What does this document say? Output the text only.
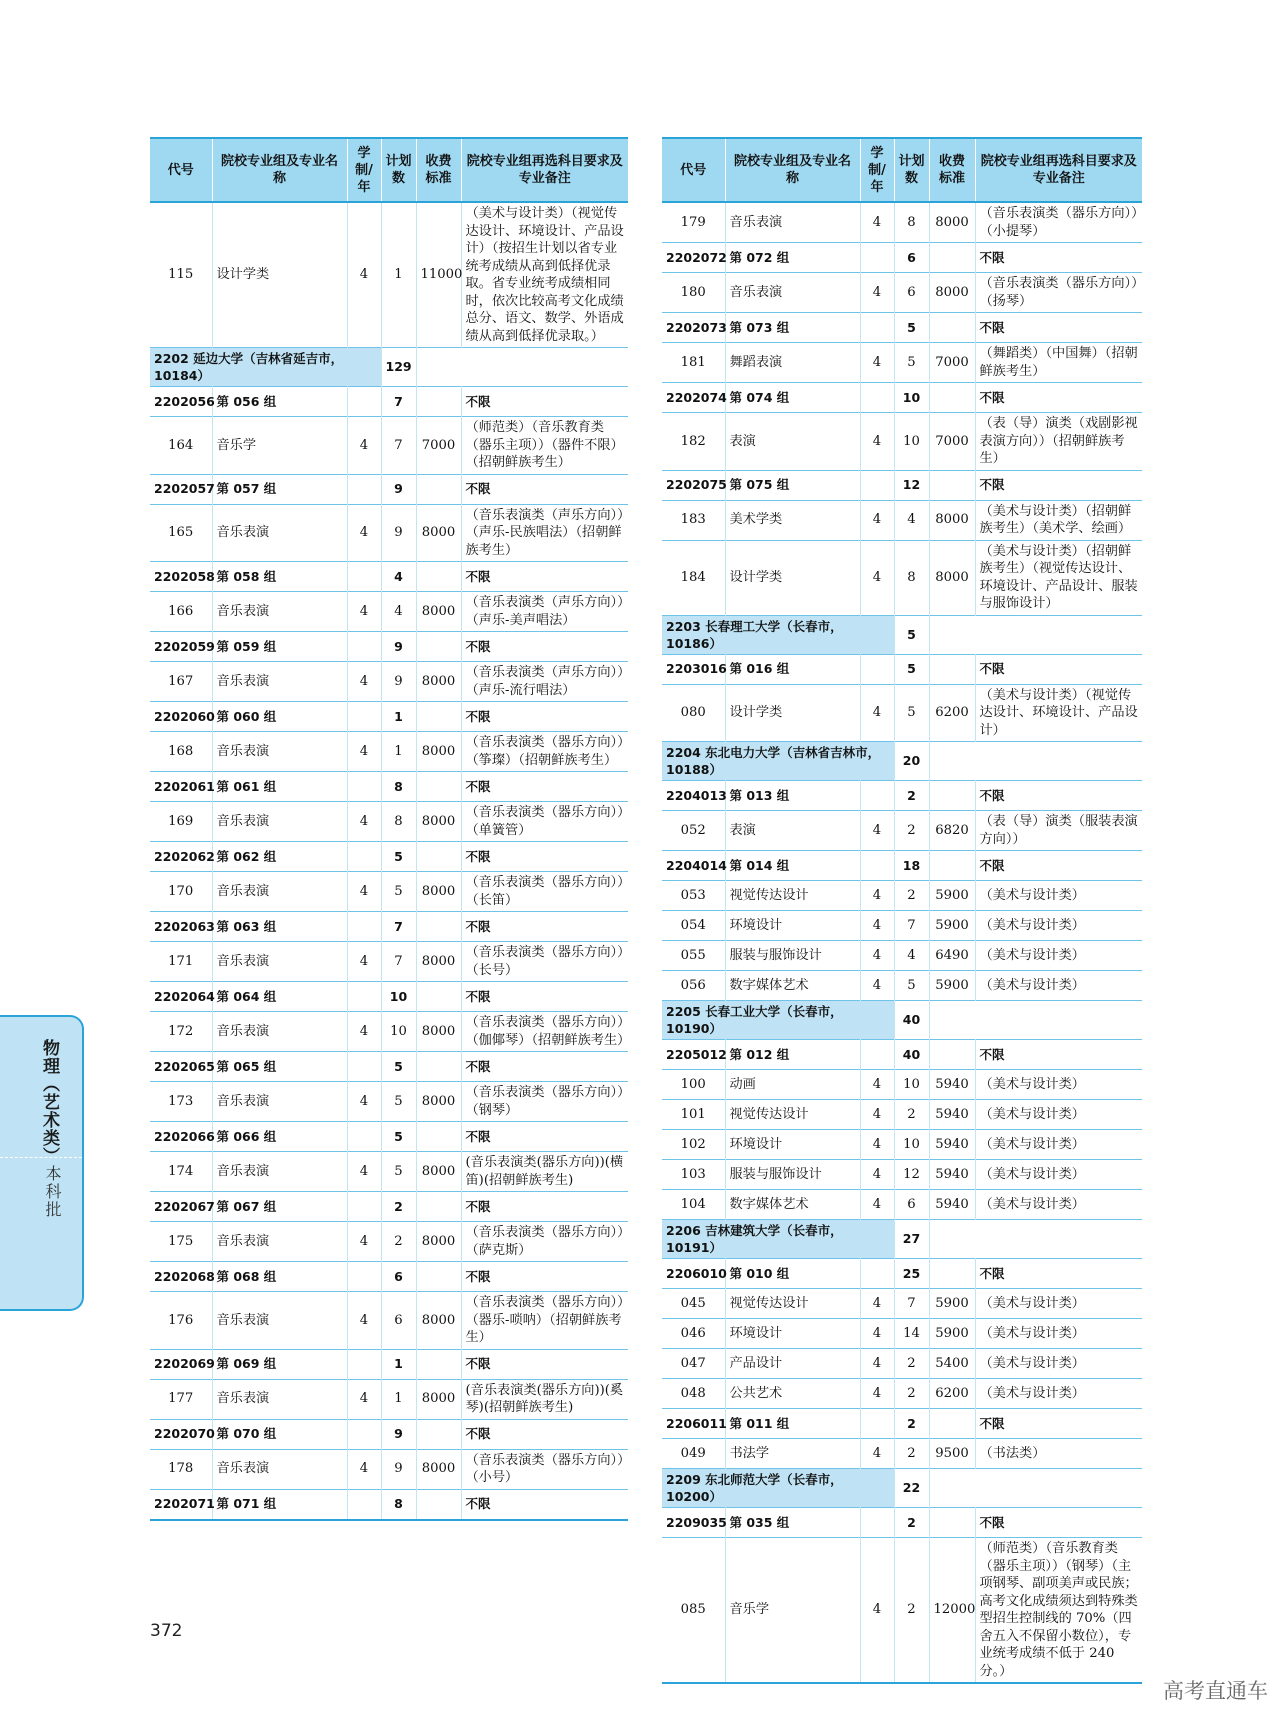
代号	院校专业组及专业名称	学制/年	计划数	收费标准	院校专业组再选科目要求及专业备注
115	设计学类	4	1	11000	（美术与设计类）（视觉传达设计、环境设计、产品设计）（按招生计划以省专业统考成绩从高到低择优录取。省专业统考成绩相同时，依次比较高考文化成绩总分、语文、数学、外语成绩从高到低择优录取。）
2202 延边大学（吉林省延吉市，10184）			129		
2202056	第 056 组		7		不限
164	音乐学	4	7	7000	（师范类）（音乐教育类（器乐主项））（器件不限）（招朝鲜族考生）
2202057	第 057 组		9		不限
165	音乐表演	4	9	8000	（音乐表演类（声乐方向））（声乐-民族唱法）（招朝鲜族考生）
2202058	第 058 组		4		不限
166	音乐表演	4	4	8000	（音乐表演类（声乐方向））（声乐-美声唱法）
2202059	第 059 组		9		不限
167	音乐表演	4	9	8000	（音乐表演类（声乐方向））（声乐-流行唱法）
2202060	第 060 组		1		不限
168	音乐表演	4	1	8000	（音乐表演类（器乐方向））（筝璨）（招朝鲜族考生）
2202061	第 061 组		8		不限
169	音乐表演	4	8	8000	（音乐表演类（器乐方向））（单簧管）
2202062	第 062 组		5		不限
170	音乐表演	4	5	8000	（音乐表演类（器乐方向））（长笛）
2202063	第 063 组		7		不限
171	音乐表演	4	7	8000	（音乐表演类（器乐方向））（长号）
2202064	第 064 组		10		不限
172	音乐表演	4	10	8000	（音乐表演类（器乐方向））（伽倻琴）（招朝鲜族考生）
2202065	第 065 组		5		不限
173	音乐表演	4	5	8000	（音乐表演类（器乐方向））（钢琴）
2202066	第 066 组		5		不限
174	音乐表演	4	5	8000	(音乐表演类(器乐方向))(横笛)(招朝鲜族考生)
2202067	第 067 组		2		不限
175	音乐表演	4	2	8000	（音乐表演类（器乐方向））（萨克斯）
2202068	第 068 组		6		不限
176	音乐表演	4	6	8000	（音乐表演类（器乐方向））（器乐-唢呐）（招朝鲜族考生）
2202069	第 069 组		1		不限
177	音乐表演	4	1	8000	(音乐表演类(器乐方向))(奚琴)(招朝鲜族考生)
2202070	第 070 组		9		不限
178	音乐表演	4	9	8000	（音乐表演类（器乐方向））（小号）
2202071	第 071 组		8		不限
代号	院校专业组及专业名称	学制/年	计划数	收费标准	院校专业组再选科目要求及专业备注
179	音乐表演	4	8	8000	（音乐表演类（器乐方向））（小提琴）
2202072	第 072 组		6		不限
180	音乐表演	4	6	8000	（音乐表演类（器乐方向））（扬琴）
2202073	第 073 组		5		不限
181	舞蹈表演	4	5	7000	（舞蹈类）（中国舞）（招朝鲜族考生）
2202074	第 074 组		10		不限
182	表演	4	10	7000	（表（导）演类（戏剧影视表演方向））（招朝鲜族考生）
2202075	第 075 组		12		不限
183	美术学类	4	4	8000	（美术与设计类）（招朝鲜族考生）（美术学、绘画）
184	设计学类	4	8	8000	（美术与设计类）（招朝鲜族考生）（视觉传达设计、环境设计、产品设计、服装与服饰设计）
2203 长春理工大学（长春市，10186）			5		
2203016	第 016 组		5		不限
080	设计学类	4	5	6200	（美术与设计类）（视觉传达设计、环境设计、产品设计）
2204 东北电力大学（吉林省吉林市，10188）			20		
2204013	第 013 组		2		不限
052	表演	4	2	6820	（表（导）演类（服装表演方向））
2204014	第 014 组		18		不限
053	视觉传达设计	4	2	5900	（美术与设计类）
054	环境设计	4	7	5900	（美术与设计类）
055	服装与服饰设计	4	4	6490	（美术与设计类）
056	数字媒体艺术	4	5	5900	（美术与设计类）
2205 长春工业大学（长春市，10190）			40		
2205012	第 012 组		40		不限
100	动画	4	10	5940	（美术与设计类）
101	视觉传达设计	4	2	5940	（美术与设计类）
102	环境设计	4	10	5940	（美术与设计类）
103	服装与服饰设计	4	12	5940	（美术与设计类）
104	数字媒体艺术	4	6	5940	（美术与设计类）
2206 吉林建筑大学（长春市，10191）			27		
2206010	第 010 组		25		不限
045	视觉传达设计	4	7	5900	（美术与设计类）
046	环境设计	4	14	5900	（美术与设计类）
047	产品设计	4	2	5400	（美术与设计类）
048	公共艺术	4	2	6200	（美术与设计类）
2206011	第 011 组		2		不限
049	书法学	4	2	9500	（书法类）
2209 东北师范大学（长春市，10200）			22		
2209035	第 035 组		2		不限
085	音乐学	4	2	12000	（师范类）（音乐教育类（器乐主项））（钢琴）（主项钢琴、副项美声或民族；高考文化成绩须达到特殊类型招生控制线的 70%（四舍五入不保留小数位），专业统考成绩不低于 240 分。）
物理（艺术类）
本科批
372
高考直通车
